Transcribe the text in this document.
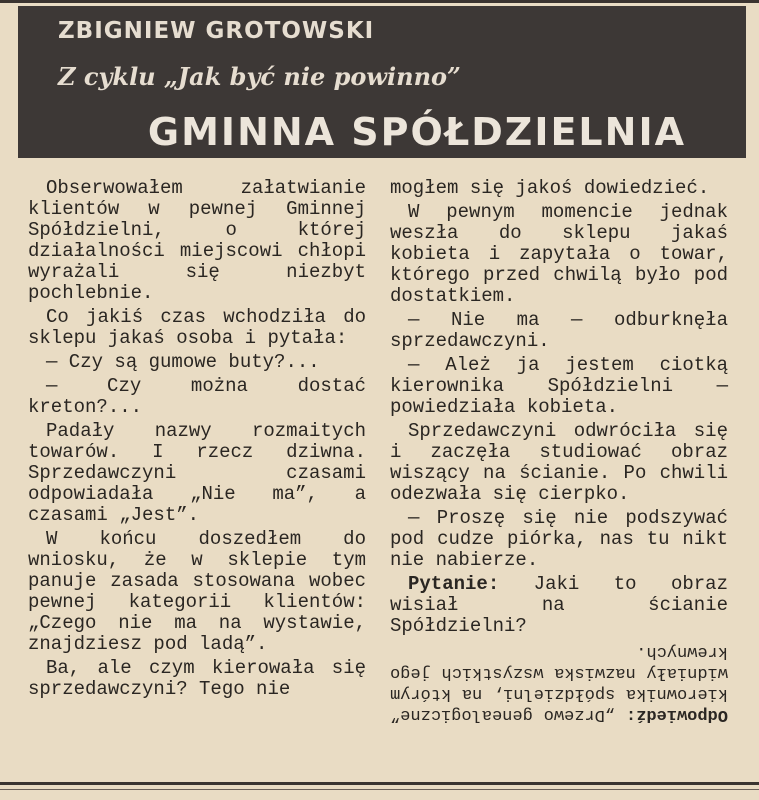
ZBIGNIEW GROTOWSKI
Z cyklu „Jak być nie powinno”
GMINNA SPÓŁDZIELNIA

Obserwowałem załatwianie klientów w pewnej Gminnej Spółdzielni, o której działalności miejscowi chłopi wyrażali się niezbyt pochlebnie.

Co jakiś czas wchodziła do sklepu jakaś osoba i pytała:

— Czy są gumowe buty?...

— Czy można dostać kreton?...

Padały nazwy rozmaitych towarów. I rzecz dziwna. Sprzedawczyni czasami odpowiadała „Nie ma”, a czasami „Jest”.

W końcu doszedłem do wniosku, że w sklepie tym panuje zasada stosowana wobec pewnej kategorii klientów: „Czego nie ma na wystawie, znajdziesz pod ladą”.

Ba, ale czym kierowała się sprzedawczyni? Tego nie

mogłem się jakoś dowiedzieć.

W pewnym momencie jednak weszła do sklepu jakaś kobieta i zapytała o towar, którego przed chwilą było pod dostatkiem.

— Nie ma — odburknęła sprzedawczyni.

— Ależ ja jestem ciotką kierownika Spółdzielni — powiedziała kobieta.

Sprzedawczyni odwróciła się i zaczęła studiować obraz wiszący na ścianie. Po chwili odezwała się cierpko.

— Proszę się nie podszywać pod cudze piórka, nas tu nikt nie nabierze.

Pytanie: Jaki to obraz wisiał na ścianie Spółdzielni?

Odpowiedź: „Drzewo genealogiczne” kierownika spółdzielni, na którym widniały nazwiska wszystkich jego krewnych.
